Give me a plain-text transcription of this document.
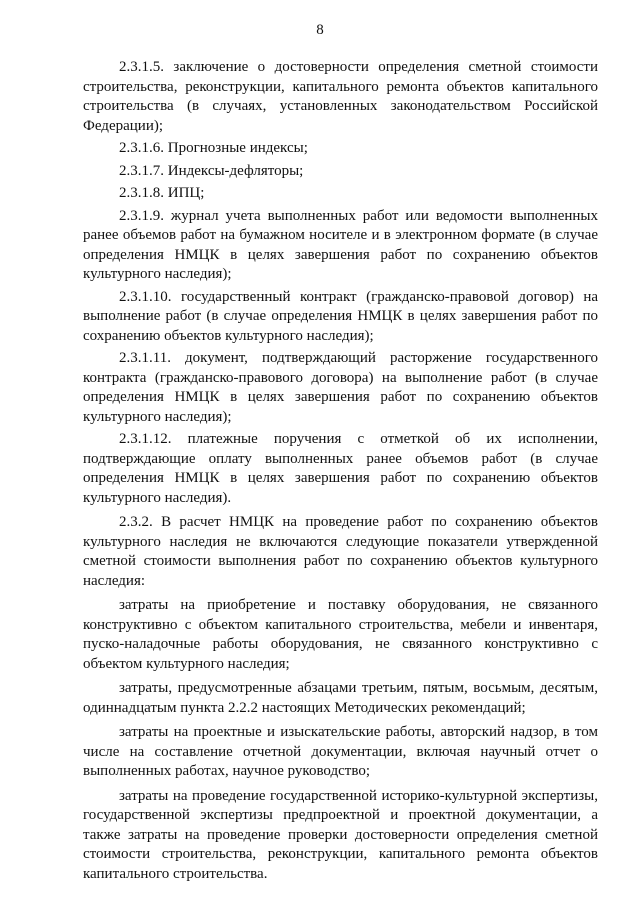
8

2.3.1.5. заключение о достоверности определения сметной стоимости строительства, реконструкции, капитального ремонта объектов капитального строительства (в случаях, установленных законодательством Российской Федерации);

2.3.1.6. Прогнозные индексы;

2.3.1.7. Индексы-дефляторы;

2.3.1.8. ИПЦ;

2.3.1.9. журнал учета выполненных работ или ведомости выполненных ранее объемов работ на бумажном носителе и в электронном формате (в случае определения НМЦК в целях завершения работ по сохранению объектов культурного наследия);

2.3.1.10. государственный контракт (гражданско-правовой договор) на выполнение работ (в случае определения НМЦК в целях завершения работ по сохранению объектов культурного наследия);

2.3.1.11. документ, подтверждающий расторжение государственного контракта (гражданско-правового договора) на выполнение работ (в случае определения НМЦК в целях завершения работ по сохранению объектов культурного наследия);

2.3.1.12. платежные поручения с отметкой об их исполнении, подтверждающие оплату выполненных ранее объемов работ (в случае определения НМЦК в целях завершения работ по сохранению объектов культурного наследия).

2.3.2. В расчет НМЦК на проведение работ по сохранению объектов культурного наследия не включаются следующие показатели утвержденной сметной стоимости выполнения работ по сохранению объектов культурного наследия:

затраты на приобретение и поставку оборудования, не связанного конструктивно с объектом капитального строительства, мебели и инвентаря, пуско-наладочные работы оборудования, не связанного конструктивно с объектом культурного наследия;

затраты, предусмотренные абзацами третьим, пятым, восьмым, десятым, одиннадцатым пункта 2.2.2 настоящих Методических рекомендаций;

затраты на проектные и изыскательские работы, авторский надзор, в том числе на составление отчетной документации, включая научный отчет о выполненных работах, научное руководство;

затраты на проведение государственной историко-культурной экспертизы, государственной экспертизы предпроектной и проектной документации, а также затраты на проведение проверки достоверности определения сметной стоимости строительства, реконструкции, капитального ремонта объектов капитального строительства.
